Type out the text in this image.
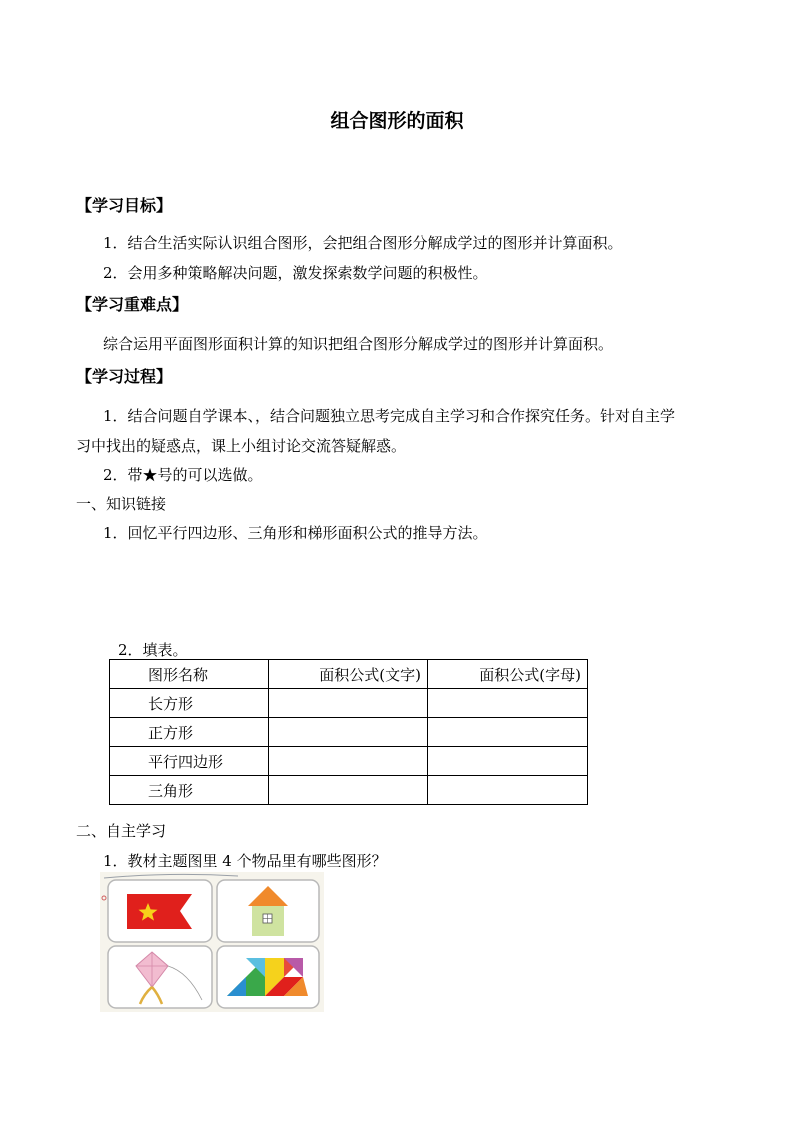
组合图形的面积
【学习目标】
1．结合生活实际认识组合图形，会把组合图形分解成学过的图形并计算面积。
2．会用多种策略解决问题，激发探索数学问题的积极性。
【学习重难点】
综合运用平面图形面积计算的知识把组合图形分解成学过的图形并计算面积。
【学习过程】
1．结合问题自学课本、，结合问题独立思考完成自主学习和合作探究任务。针对自主学
习中找出的疑惑点，课上小组讨论交流答疑解惑。
2．带★号的可以选做。
一、知识链接
1．回忆平行四边形、三角形和梯形面积公式的推导方法。
2．填表。
图形名称	面积公式(文字)	面积公式(字母)
长方形		
正方形		
平行四边形		
三角形		
二、自主学习
1．教材主题图里 4 个物品里有哪些图形？
